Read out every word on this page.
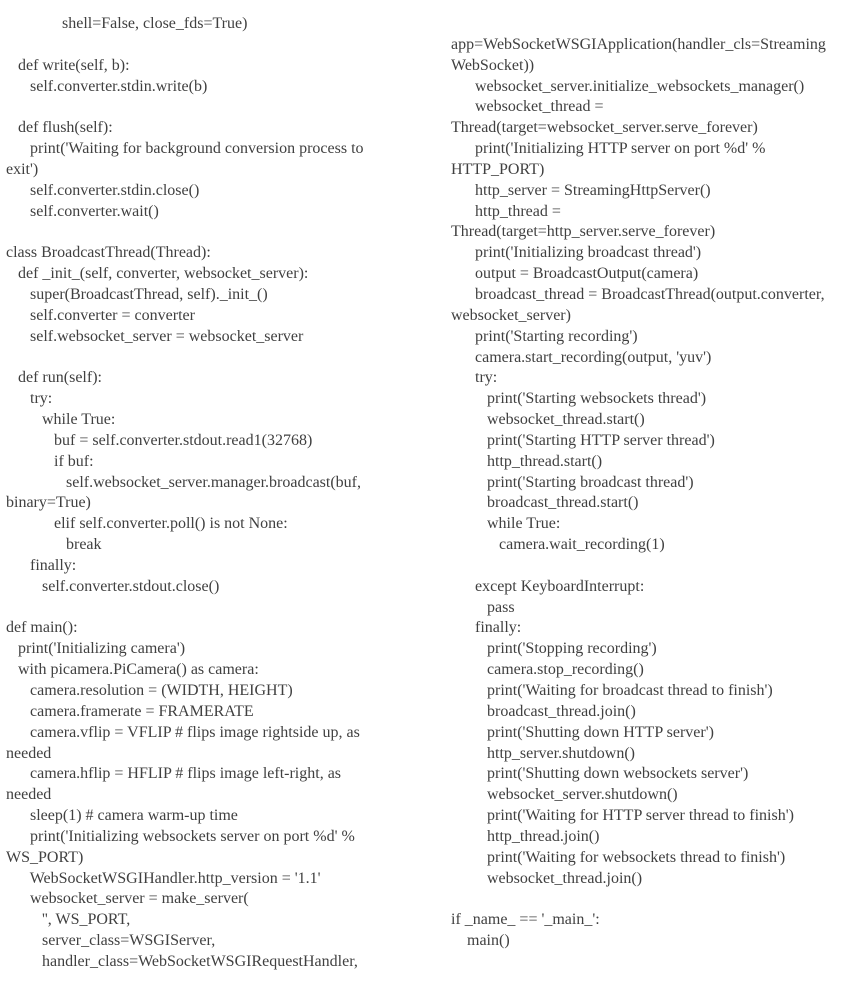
shell=False, close_fds=True)

def write(self, b):
self.converter.stdin.write(b)

def flush(self):
print('Waiting for background conversion process to
exit')
self.converter.stdin.close()
self.converter.wait()

class BroadcastThread(Thread):
def _init_(self, converter, websocket_server):
super(BroadcastThread, self)._init_()
self.converter = converter
self.websocket_server = websocket_server

def run(self):
try:
while True:
buf = self.converter.stdout.read1(32768)
if buf:
self.websocket_server.manager.broadcast(buf,
binary=True)
elif self.converter.poll() is not None:
break
finally:
self.converter.stdout.close()

def main():
print('Initializing camera')
with picamera.PiCamera() as camera:
camera.resolution = (WIDTH, HEIGHT)
camera.framerate = FRAMERATE
camera.vflip = VFLIP # flips image rightside up, as
needed
camera.hflip = HFLIP # flips image left-right, as
needed
sleep(1) # camera warm-up time
print('Initializing websockets server on port %d' %
WS_PORT)
WebSocketWSGIHandler.http_version = '1.1'
websocket_server = make_server(
'', WS_PORT,
server_class=WSGIServer,
handler_class=WebSocketWSGIRequestHandler,

app=WebSocketWSGIApplication(handler_cls=Streaming
WebSocket))
websocket_server.initialize_websockets_manager()
websocket_thread =
Thread(target=websocket_server.serve_forever)
print('Initializing HTTP server on port %d' %
HTTP_PORT)
http_server = StreamingHttpServer()
http_thread =
Thread(target=http_server.serve_forever)
print('Initializing broadcast thread')
output = BroadcastOutput(camera)
broadcast_thread = BroadcastThread(output.converter,
websocket_server)
print('Starting recording')
camera.start_recording(output, 'yuv')
try:
print('Starting websockets thread')
websocket_thread.start()
print('Starting HTTP server thread')
http_thread.start()
print('Starting broadcast thread')
broadcast_thread.start()
while True:
camera.wait_recording(1)

except KeyboardInterrupt:
pass
finally:
print('Stopping recording')
camera.stop_recording()
print('Waiting for broadcast thread to finish')
broadcast_thread.join()
print('Shutting down HTTP server')
http_server.shutdown()
print('Shutting down websockets server')
websocket_server.shutdown()
print('Waiting for HTTP server thread to finish')
http_thread.join()
print('Waiting for websockets thread to finish')
websocket_thread.join()

if _name_ == '_main_':
main()
